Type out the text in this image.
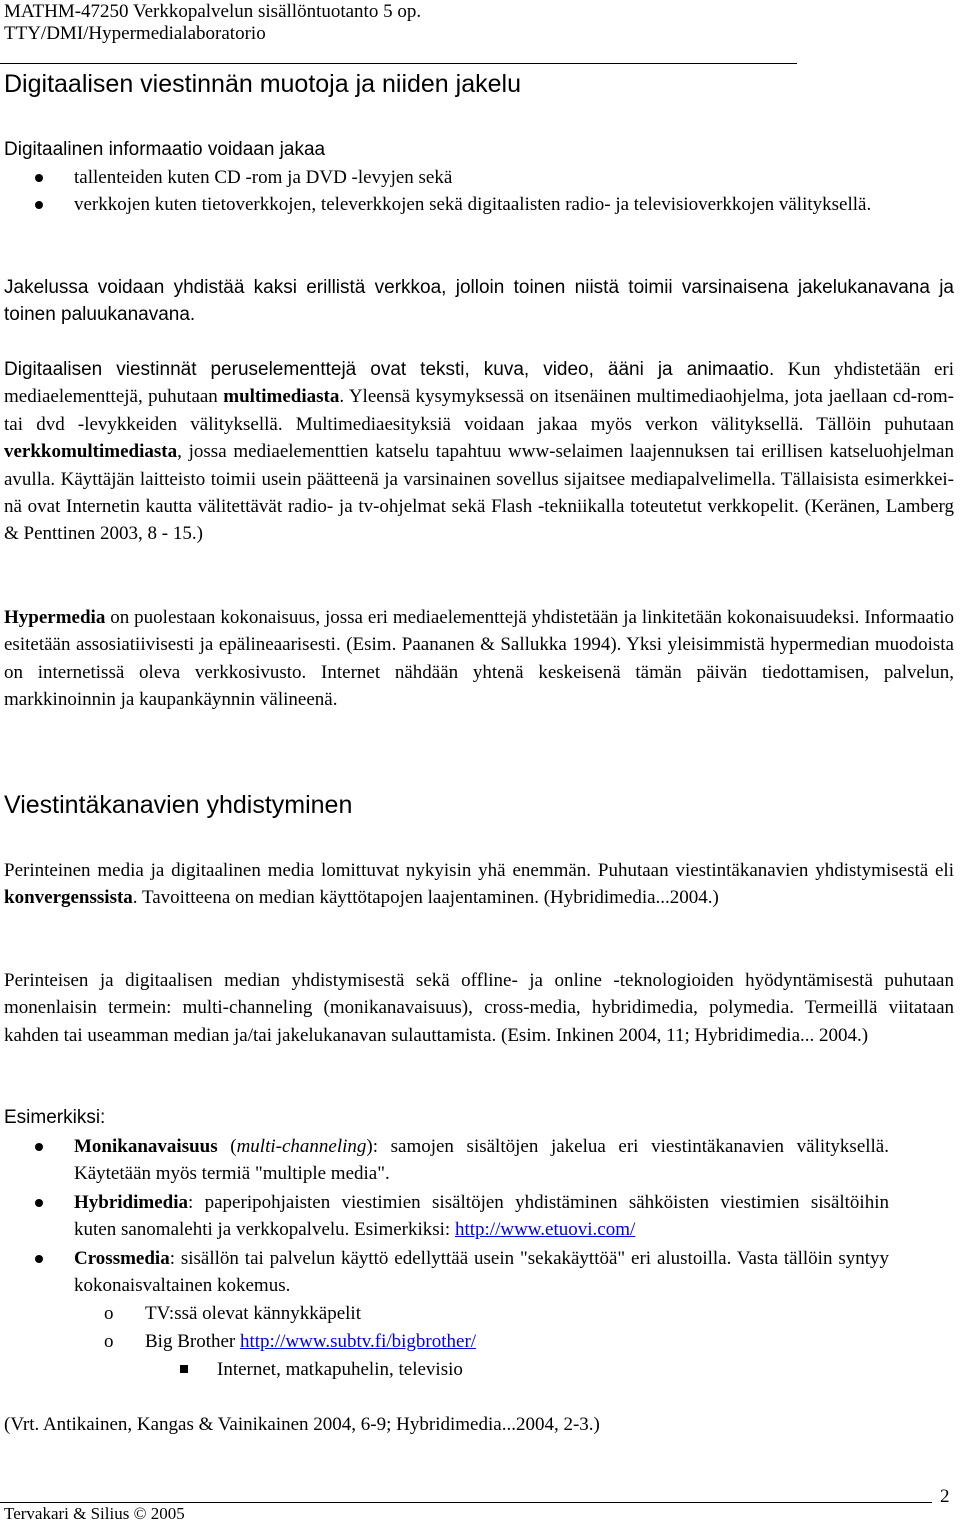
MATHM-47250 Verkkopalvelun sisällöntuotanto 5 op.
TTY/DMI/Hypermedialaboratorio
Digitaalisen viestinnän muotoja ja niiden jakelu
Digitaalinen informaatio voidaan jakaa
tallenteiden kuten CD -rom ja DVD -levyjen sekä
verkkojen kuten tietoverkkojen, televerkkojen sekä digitaalisten radio- ja televisioverkkojen välityksellä.

Jakelussa voidaan yhdistää kaksi erillistä verkkoa, jolloin toinen niistä toimii varsinaisena jakelukanavana ja toinen paluukanavana.

Digitaalisen viestinnät peruselementtejä ovat teksti, kuva, video, ääni ja animaatio. Kun yhdistetään eri mediaelementtejä, puhutaan multimediasta. Yleensä kysymyksessä on itsenäinen multimediaohjelma, jota jaellaan cd-rom- tai dvd -levykkeiden välityksellä. Multimediaesityksiä voidaan jakaa myös verkon välityksellä. Tällöin puhutaan verkkomultimediasta, jossa mediaelementtien katselu tapahtuu www-selaimen laajennuksen tai erillisen katseluohjelman avulla. Käyttäjän laitteisto toimii usein päätteenä ja varsinainen sovellus sijaitsee mediapalvelimella. Tällaisista esimerkkeinä ovat Internetin kautta välitettävät radio- ja tv-ohjelmat sekä Flash -tekniikalla toteutetut verkkopelit. (Keränen, Lamberg & Penttinen 2003, 8 - 15.)

Hypermedia on puolestaan kokonaisuus, jossa eri mediaelementtejä yhdistetään ja linkitetään kokonaisuudeksi. Informaatio esitetään assosiatiivisesti ja epälineaarisesti. (Esim. Paananen & Sallukka 1994). Yksi yleisimmistä hypermedian muodoista on internetissä oleva verkkosivusto. Internet nähdään yhtenä keskeisenä tämän päivän tiedottamisen, palvelun, markkinoinnin ja kaupankäynnin välineenä.

Viestintäkanavien yhdistyminen

Perinteinen media ja digitaalinen media lomittuvat nykyisin yhä enemmän. Puhutaan viestintäkanavien yhdistymisestä eli konvergenssista. Tavoitteena on median käyttötapojen laajentaminen. (Hybridimedia...2004.)

Perinteisen ja digitaalisen median yhdistymisestä sekä offline- ja online -teknologioiden hyödyntämisestä puhutaan monenlaisin termein: multi-channeling (monikanavaisuus), cross-media, hybridimedia, polymedia. Termeillä viitataan kahden tai useamman median ja/tai jakelukanavan sulauttamista. (Esim. Inkinen 2004, 11; Hybridimedia... 2004.)

Esimerkiksi:
Monikanavaisuus (multi-channeling): samojen sisältöjen jakelua eri viestintäkanavien välityksellä. Käytetään myös termiä "multiple media".
Hybridimedia: paperipohjaisten viestimien sisältöjen yhdistäminen sähköisten viestimien sisältöihin kuten sanomalehti ja verkkopalvelu. Esimerkiksi: http://www.etuovi.com/
Crossmedia: sisällön tai palvelun käyttö edellyttää usein "sekakäyttöä" eri alustoilla. Vasta tällöin syntyy kokonaisvaltainen kokemus.
o TV:ssä olevat kännykkäpelit
o Big Brother http://www.subtv.fi/bigbrother/
Internet, matkapuhelin, televisio
(Vrt. Antikainen, Kangas & Vainikainen 2004, 6-9; Hybridimedia...2004, 2-3.)
Tervakari & Silius © 2005
2
